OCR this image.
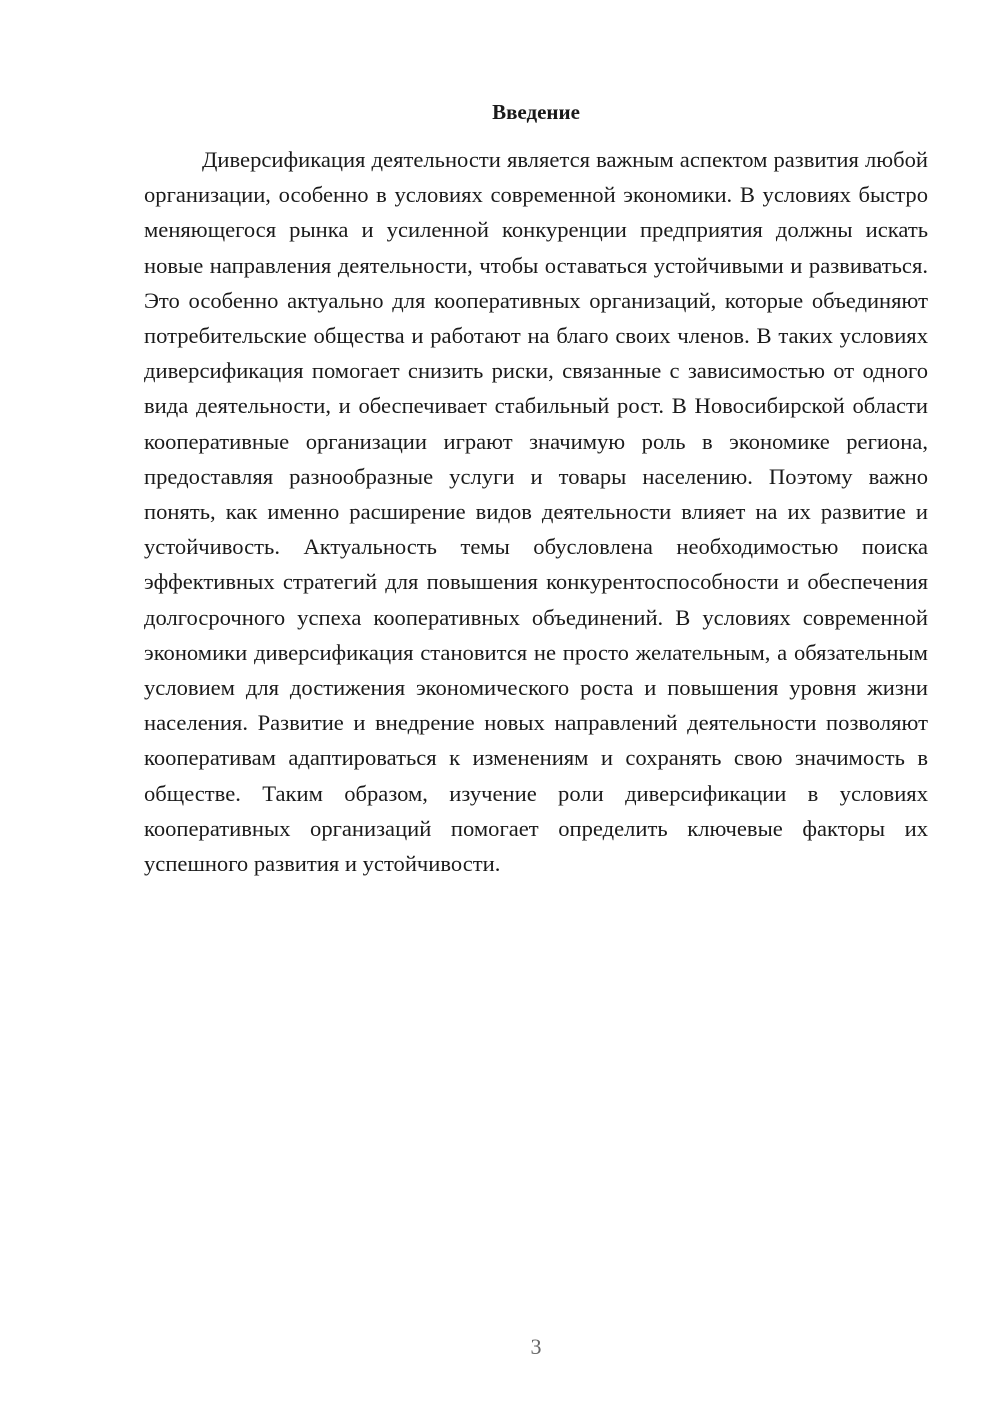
Введение

Диверсификация деятельности является важным аспектом развития любой организации, особенно в условиях современной экономики. В условиях быстро меняющегося рынка и усиленной конкуренции предприятия должны искать новые направления деятельности, чтобы оставаться устойчивыми и развиваться. Это особенно актуально для кооперативных организаций, которые объединяют потребительские общества и работают на благо своих членов. В таких условиях диверсификация помогает снизить риски, связанные с зависимостью от одного вида деятельности, и обеспечивает стабильный рост. В Новосибирской области кооперативные организации играют значимую роль в экономике региона, предоставляя разнообразные услуги и товары населению. Поэтому важно понять, как именно расширение видов деятельности влияет на их развитие и устойчивость. Актуальность темы обусловлена необходимостью поиска эффективных стратегий для повышения конкурентоспособности и обеспечения долгосрочного успеха кооперативных объединений. В условиях современной экономики диверсификация становится не просто желательным, а обязательным условием для достижения экономического роста и повышения уровня жизни населения. Развитие и внедрение новых направлений деятельности позволяют кооперативам адаптироваться к изменениям и сохранять свою значимость в обществе. Таким образом, изучение роли диверсификации в условиях кооперативных организаций помогает определить ключевые факторы их успешного развития и устойчивости.

3
